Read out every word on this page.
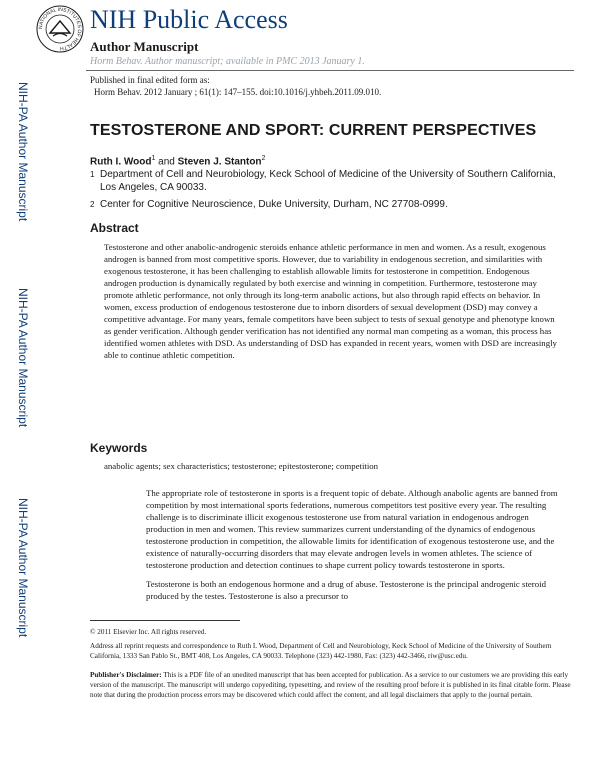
NIH-PA Author Manuscript
NIH-PA Author Manuscript
NIH-PA Author Manuscript
NATIONAL INSTITUTES OF HEALTH
NIH Public Access
Author Manuscript
Horm Behav. Author manuscript; available in PMC 2013 January 1.
Published in final edited form as:
Horm Behav. 2012 January ; 61(1): 147–155. doi:10.1016/j.yhbeh.2011.09.010.
TESTOSTERONE AND SPORT: CURRENT PERSPECTIVES
Ruth I. Wood$^1$ and Steven J. Stanton$^2$
1 Department of Cell and Neurobiology, Keck School of Medicine of the University of Southern California, Los Angeles, CA 90033.
2 Center for Cognitive Neuroscience, Duke University, Durham, NC 27708-0999.
Abstract
Testosterone and other anabolic-androgenic steroids enhance athletic performance in men and women. As a result, exogenous androgen is banned from most competitive sports. However, due to variability in endogenous secretion, and similarities with exogenous testosterone, it has been challenging to establish allowable limits for testosterone in competition. Endogenous androgen production is dynamically regulated by both exercise and winning in competition. Furthermore, testosterone may promote athletic performance, not only through its long-term anabolic actions, but also through rapid effects on behavior. In women, excess production of endogenous testosterone due to inborn disorders of sexual development (DSD) may convey a competitive advantage. For many years, female competitors have been subject to tests of sexual genotype and phenotype known as gender verification. Although gender verification has not identified any normal man competing as a woman, this process has identified women athletes with DSD. As understanding of DSD has expanded in recent years, women with DSD are increasingly able to continue athletic competition.
Keywords
anabolic agents; sex characteristics; testosterone; epitestosterone; competition
The appropriate role of testosterone in sports is a frequent topic of debate. Although anabolic agents are banned from competition by most international sports federations, numerous competitors test positive every year. The resulting challenge is to discriminate illicit exogenous testosterone use from natural variation in endogenous androgen production in men and women. This review summarizes current understanding of the dynamics of endogenous testosterone production in competition, the allowable limits for identification of exogenous testosterone use, and the existence of naturally-occurring disorders that may elevate androgen levels in women athletes. The science of testosterone production and detection continues to shape current policy towards testosterone in sports.
Testosterone is both an endogenous hormone and a drug of abuse. Testosterone is the principal androgenic steroid produced by the testes. Testosterone is also a precursor to
© 2011 Elsevier Inc. All rights reserved.
Address all reprint requests and correspondence to Ruth I. Wood, Department of Cell and Neurobiology, Keck School of Medicine of the University of Southern California, 1333 San Pablo St., BMT 408, Los Angeles, CA 90033. Telephone (323) 442-1980, Fax: (323) 442-3466, riw@usc.edu.
Publisher's Disclaimer: This is a PDF file of an unedited manuscript that has been accepted for publication. As a service to our customers we are providing this early version of the manuscript. The manuscript will undergo copyediting, typesetting, and review of the resulting proof before it is published in its final citable form. Please note that during the production process errors may be discovered which could affect the content, and all legal disclaimers that apply to the journal pertain.
